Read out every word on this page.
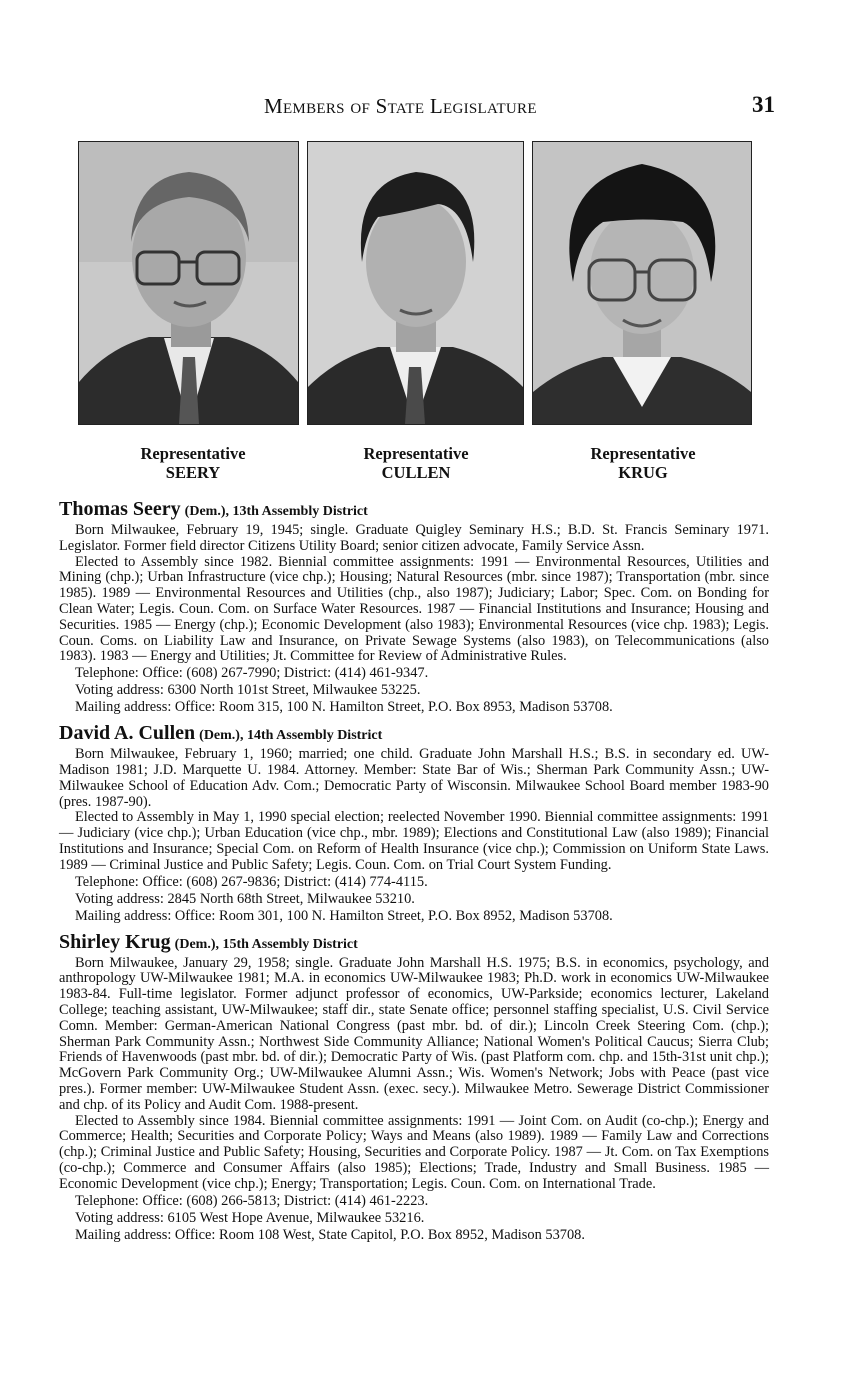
Members of State Legislature	31
Representative
SEERY
Representative
CULLEN
Representative
KRUG

Thomas Seery (Dem.), 13th Assembly District

Born Milwaukee, February 19, 1945; single. Graduate Quigley Seminary H.S.; B.D. St. Francis Seminary 1971. Legislator. Former field director Citizens Utility Board; senior citizen advocate, Family Service Assn.

Elected to Assembly since 1982. Biennial committee assignments: 1991 — Environmental Resources, Utilities and Mining (chp.); Urban Infrastructure (vice chp.); Housing; Natural Resources (mbr. since 1987); Transportation (mbr. since 1985). 1989 — Environmental Resources and Utilities (chp., also 1987); Judiciary; Labor; Spec. Com. on Bonding for Clean Water; Legis. Coun. Com. on Surface Water Resources. 1987 — Financial Institutions and Insurance; Housing and Securities. 1985 — Energy (chp.); Economic Development (also 1983); Environmental Resources (vice chp. 1983); Legis. Coun. Coms. on Liability Law and Insurance, on Private Sewage Systems (also 1983), on Telecommunications (also 1983). 1983 — Energy and Utilities; Jt. Committee for Review of Administrative Rules.

Telephone: Office: (608) 267-7990; District: (414) 461-9347.

Voting address: 6300 North 101st Street, Milwaukee 53225.

Mailing address: Office: Room 315, 100 N. Hamilton Street, P.O. Box 8953, Madison 53708.

David A. Cullen (Dem.), 14th Assembly District

Born Milwaukee, February 1, 1960; married; one child. Graduate John Marshall H.S.; B.S. in secondary ed. UW-Madison 1981; J.D. Marquette U. 1984. Attorney. Member: State Bar of Wis.; Sherman Park Community Assn.; UW-Milwaukee School of Education Adv. Com.; Democratic Party of Wisconsin. Milwaukee School Board member 1983-90 (pres. 1987-90).

Elected to Assembly in May 1, 1990 special election; reelected November 1990. Biennial committee assignments: 1991 — Judiciary (vice chp.); Urban Education (vice chp., mbr. 1989); Elections and Constitutional Law (also 1989); Financial Institutions and Insurance; Special Com. on Reform of Health Insurance (vice chp.); Commission on Uniform State Laws. 1989 — Criminal Justice and Public Safety; Legis. Coun. Com. on Trial Court System Funding.

Telephone: Office: (608) 267-9836; District: (414) 774-4115.

Voting address: 2845 North 68th Street, Milwaukee 53210.

Mailing address: Office: Room 301, 100 N. Hamilton Street, P.O. Box 8952, Madison 53708.

Shirley Krug (Dem.), 15th Assembly District

Born Milwaukee, January 29, 1958; single. Graduate John Marshall H.S. 1975; B.S. in economics, psychology, and anthropology UW-Milwaukee 1981; M.A. in economics UW-Milwaukee 1983; Ph.D. work in economics UW-Milwaukee 1983-84. Full-time legislator. Former adjunct professor of economics, UW-Parkside; economics lecturer, Lakeland College; teaching assistant, UW-Milwaukee; staff dir., state Senate office; personnel staffing specialist, U.S. Civil Service Comn. Member: German-American National Congress (past mbr. bd. of dir.); Lincoln Creek Steering Com. (chp.); Sherman Park Community Assn.; Northwest Side Community Alliance; National Women's Political Caucus; Sierra Club; Friends of Havenwoods (past mbr. bd. of dir.); Democratic Party of Wis. (past Platform com. chp. and 15th-31st unit chp.); McGovern Park Community Org.; UW-Milwaukee Alumni Assn.; Wis. Women's Network; Jobs with Peace (past vice pres.). Former member: UW-Milwaukee Student Assn. (exec. secy.). Milwaukee Metro. Sewerage District Commissioner and chp. of its Policy and Audit Com. 1988-present.

Elected to Assembly since 1984. Biennial committee assignments: 1991 — Joint Com. on Audit (co-chp.); Energy and Commerce; Health; Securities and Corporate Policy; Ways and Means (also 1989). 1989 — Family Law and Corrections (chp.); Criminal Justice and Public Safety; Housing, Securities and Corporate Policy. 1987 — Jt. Com. on Tax Exemptions (co-chp.); Commerce and Consumer Affairs (also 1985); Elections; Trade, Industry and Small Business. 1985 — Economic Development (vice chp.); Energy; Transportation; Legis. Coun. Com. on International Trade.

Telephone: Office: (608) 266-5813; District: (414) 461-2223.

Voting address: 6105 West Hope Avenue, Milwaukee 53216.

Mailing address: Office: Room 108 West, State Capitol, P.O. Box 8952, Madison 53708.
